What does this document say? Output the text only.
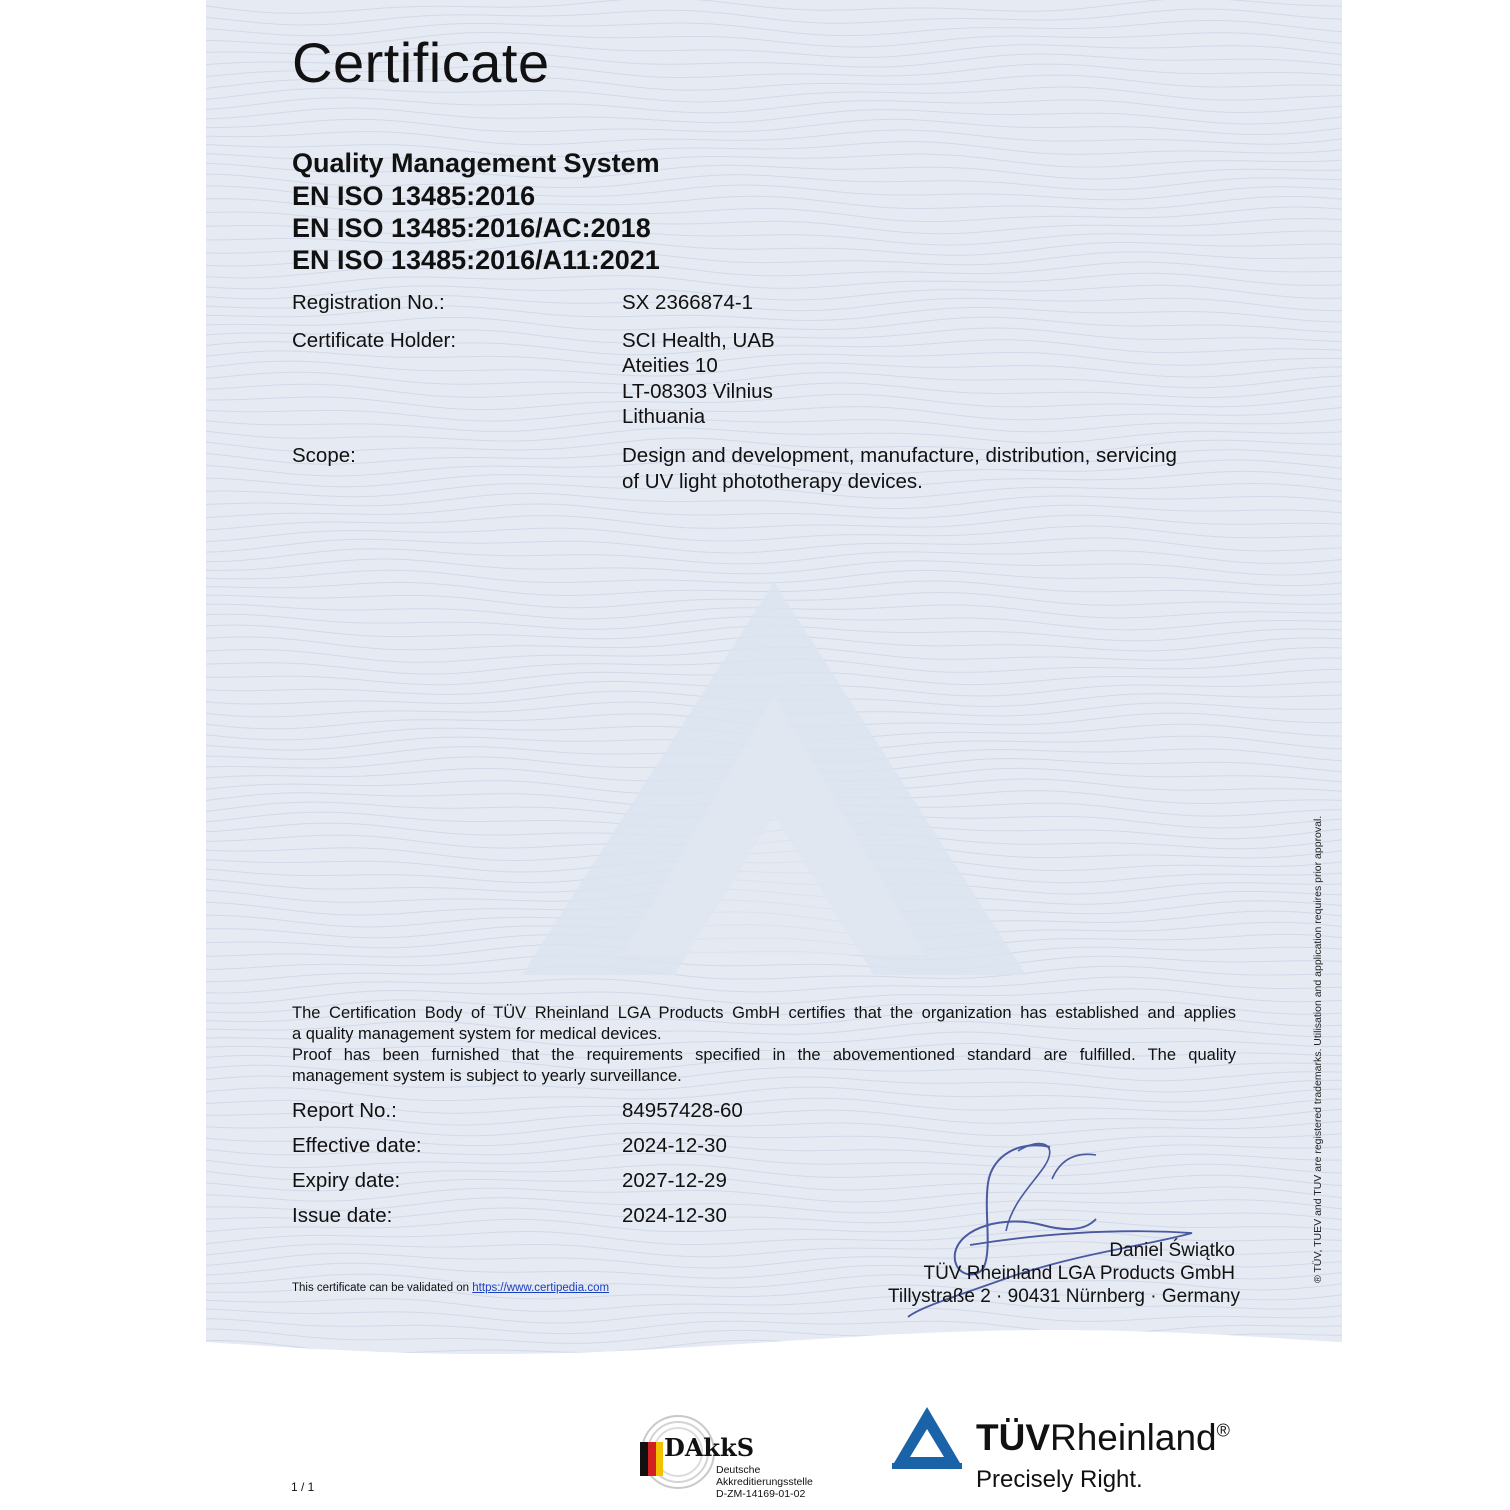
Certificate
Quality Management System
EN ISO 13485:2016
EN ISO 13485:2016/AC:2018
EN ISO 13485:2016/A11:2021
Registration No.:	SX 2366874-1
Certificate Holder:	SCI Health, UAB
Ateities 10
LT-08303 Vilnius
Lithuania
Scope:	Design and development, manufacture, distribution, servicing
of UV light phototherapy devices.
The Certification Body of TÜV Rheinland LGA Products GmbH certifies that the organization has established and applies
a quality management system for medical devices.
Proof has been furnished that the requirements specified in the abovementioned standard are fulfilled. The quality
management system is subject to yearly surveillance.
Report No.:	84957428-60
Effective date:	2024-12-30
Expiry date:	2027-12-29
Issue date:	2024-12-30
This certificate can be validated on https://www.certipedia.com
Daniel Świątko
TÜV Rheinland LGA Products GmbH
Tillystraße 2 · 90431 Nürnberg · Germany
® TÜV, TUEV and TUV are registered trademarks. Utilisation and application requires prior approval.
1 / 1
DAkkS
Deutsche
Akkreditierungsstelle
D-ZM-14169-01-02
TÜVRheinland®
Precisely Right.
